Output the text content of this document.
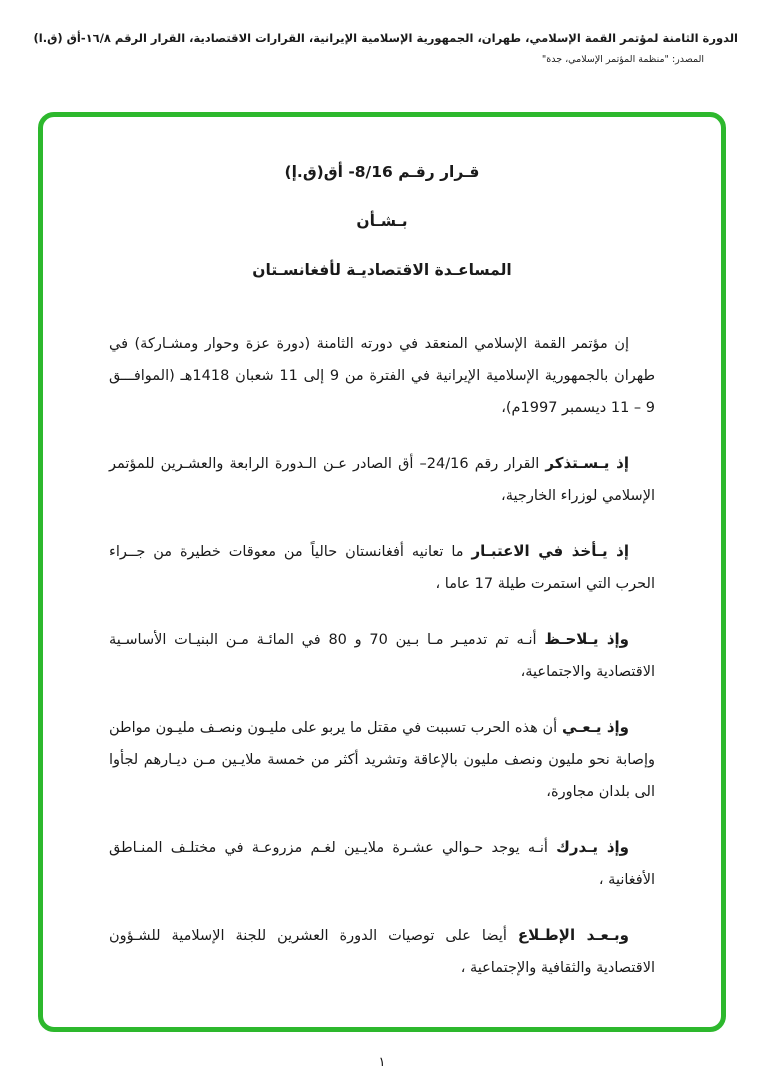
الدورة الثامنة لمؤتمر القمة الإسلامي، طهران، الجمهورية الإسلامية الإيرانية، القرارات الاقتصادية، القرار الرقم ١٦/٨-أق (ق.ا)
المصدر: "منظمة المؤتمر الإسلامي، جدة"
قـرار رقـم 8/16- أق(ق.إ)
بـشـأن
المساعـدة الاقتصاديـة لأفغانسـتان

إن مؤتمر القمة الإسلامي المنعقد في دورته الثامنة (دورة عزة وحوار ومشـاركة) في طهران بالجمهورية الإسلامية الإيرانية في الفترة من 9 إلى 11 شعبان 1418هـ (الموافـــق 9 – 11 ديسمبر 1997م)،

إذ يـسـتذكر القرار رقم 24/16– أق الصادر عـن الـدورة الرابعة والعشـرين للمؤتمر الإسلامي لوزراء الخارجية،

إذ يـأخذ في الاعتبـار ما تعانيه أفغانستان حالياً من معوقات خطيرة من جــراء الحرب التي استمرت طيلة 17 عاما ،

وإذ يـلاحـظ أنـه تم تدميـر مـا بـين 70 و 80 في المائـة مـن البنيـات الأساسـية الاقتصادية والاجتماعية،

وإذ يـعـي أن هذه الحرب تسببت في مقتل ما يربو على مليـون ونصـف مليـون مواطن وإصابة نحو مليون ونصف مليون بالإعاقة وتشريد أكثر من خمسة ملايـين مـن ديـارهم لجأوا الى بلدان مجاورة،

وإذ يـدرك أنـه يوجد حـوالي عشـرة ملايـين لغـم مزروعـة في مختلـف المنـاطق الأفغانية ،

وبـعـد الإطـلاع أيضا على توصيات الدورة العشرين للجنة الإسلامية للشـؤون الاقتصادية والثقافية والإجتماعية ،

١
